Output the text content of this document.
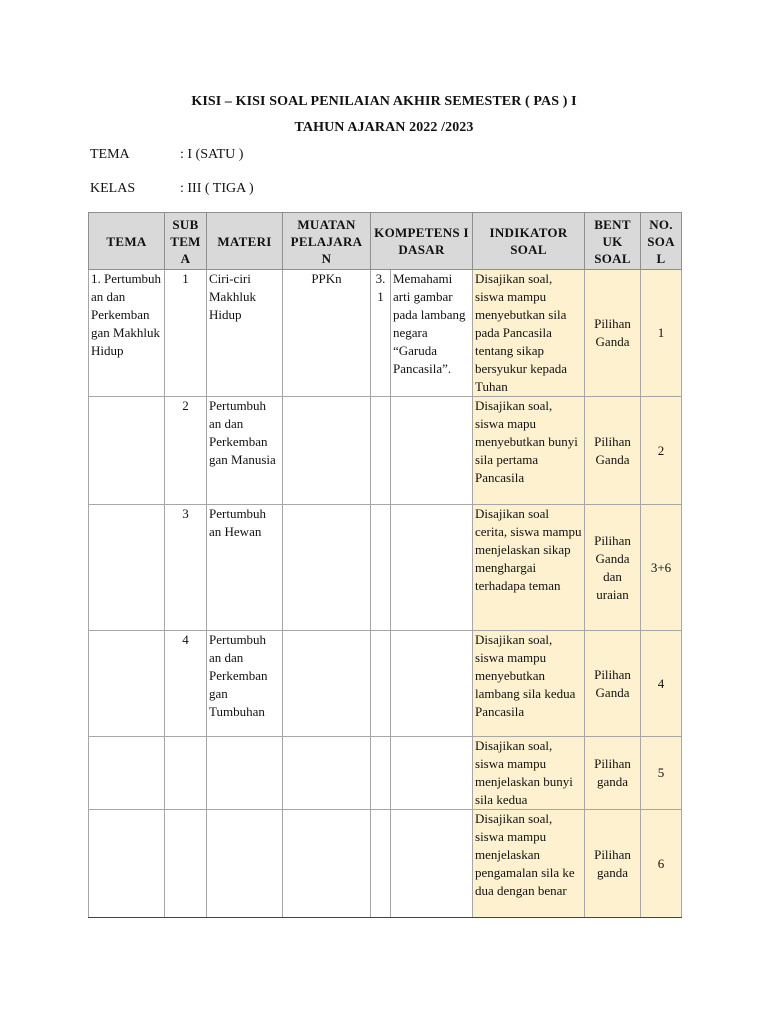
KISI – KISI SOAL PENILAIAN AKHIR SEMESTER ( PAS ) I
TAHUN AJARAN 2022 /2023
TEMA	: I (SATU )
KELAS	: III ( TIGA )
TEMA	SUB TEM A	MATERI	MUATAN PELAJARA N	KOMPETENS I DASAR		INDIKATOR SOAL	BENT UK SOAL	NO. SOA L
1. Pertumbuh an dan Perkemban gan Makhluk Hidup	1	Ciri-ciri Makhluk Hidup	PPKn	3. 1	Memahami arti gambar pada lambang negara “Garuda Pancasila”.	Disajikan soal, siswa mampu menyebutkan sila pada Pancasila tentang sikap bersyukur kepada Tuhan	Pilihan Ganda	1
	2	Pertumbuh an dan Perkemban gan Manusia				Disajikan soal, siswa mapu menyebutkan bunyi sila pertama Pancasila	Pilihan Ganda	2
	3	Pertumbuh an Hewan				Disajikan soal cerita, siswa mampu menjelaskan sikap menghargai terhadapa teman	Pilihan Ganda dan uraian	3+6
	4	Pertumbuh an dan Perkemban gan Tumbuhan				Disajikan soal, siswa mampu menyebutkan lambang sila kedua Pancasila	Pilihan Ganda	4
						Disajikan soal, siswa mampu menjelaskan bunyi sila kedua	Pilihan ganda	5
						Disajikan soal, siswa mampu menjelaskan pengamalan sila ke dua dengan benar	Pilihan ganda	6
